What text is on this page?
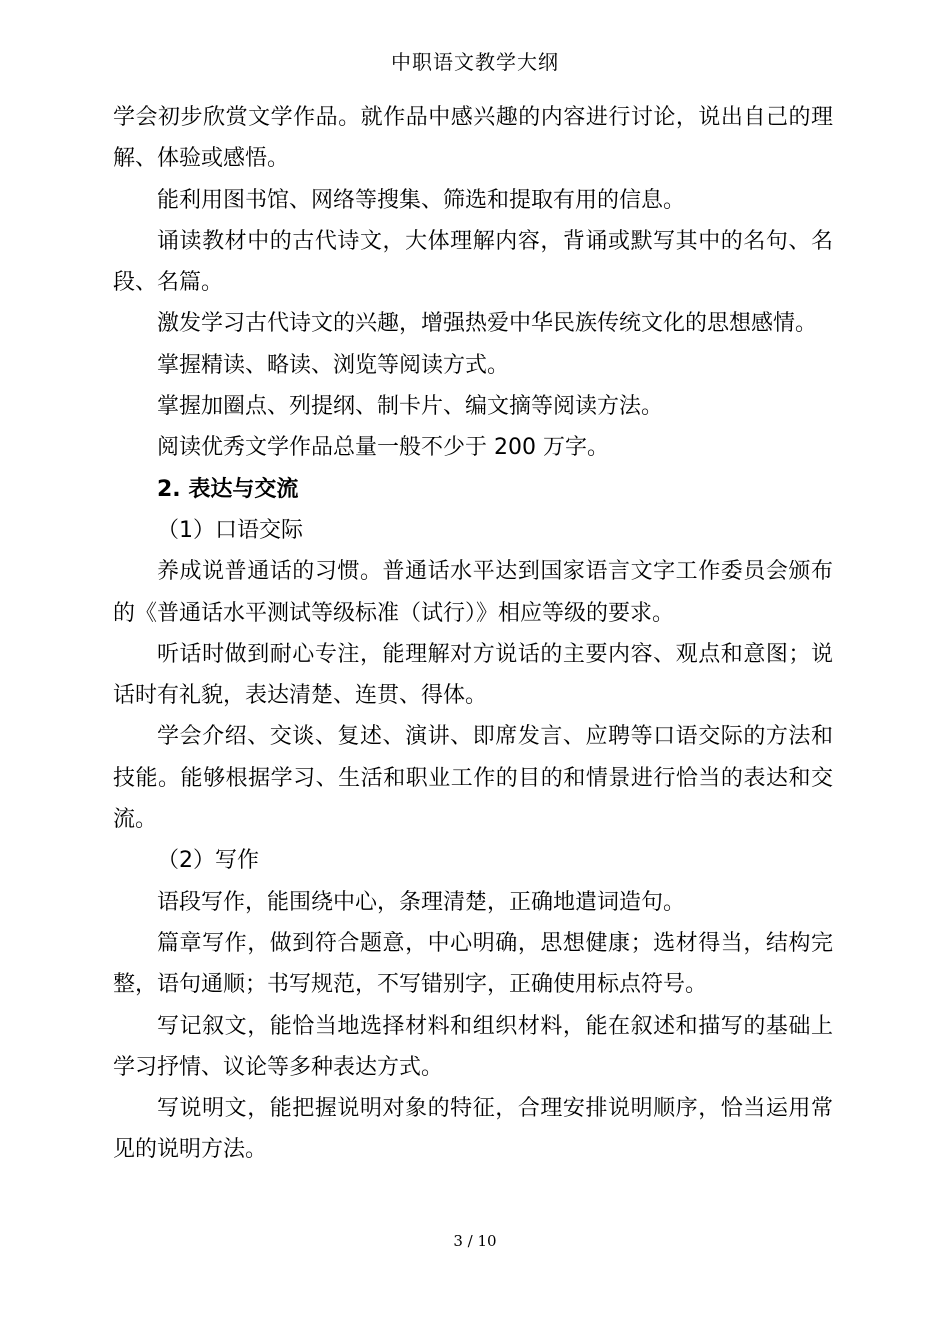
中职语文教学大纲

学会初步欣赏文学作品。就作品中感兴趣的内容进行讨论，说出自己的理解、体验或感悟。

能利用图书馆、网络等搜集、筛选和提取有用的信息。

诵读教材中的古代诗文，大体理解内容，背诵或默写其中的名句、名段、名篇。

激发学习古代诗文的兴趣，增强热爱中华民族传统文化的思想感情。

掌握精读、略读、浏览等阅读方式。

掌握加圈点、列提纲、制卡片、编文摘等阅读方法。

阅读优秀文学作品总量一般不少于 200 万字。

2. 表达与交流

（1）口语交际

养成说普通话的习惯。普通话水平达到国家语言文字工作委员会颁布的《普通话水平测试等级标准（试行）》相应等级的要求。

听话时做到耐心专注，能理解对方说话的主要内容、观点和意图；说话时有礼貌，表达清楚、连贯、得体。

学会介绍、交谈、复述、演讲、即席发言、应聘等口语交际的方法和技能。能够根据学习、生活和职业工作的目的和情景进行恰当的表达和交流。

（2）写作

语段写作，能围绕中心，条理清楚，正确地遣词造句。

篇章写作，做到符合题意，中心明确，思想健康；选材得当，结构完整，语句通顺；书写规范，不写错别字，正确使用标点符号。

写记叙文，能恰当地选择材料和组织材料，能在叙述和描写的基础上学习抒情、议论等多种表达方式。

写说明文，能把握说明对象的特征，合理安排说明顺序，恰当运用常见的说明方法。

3 / 10
